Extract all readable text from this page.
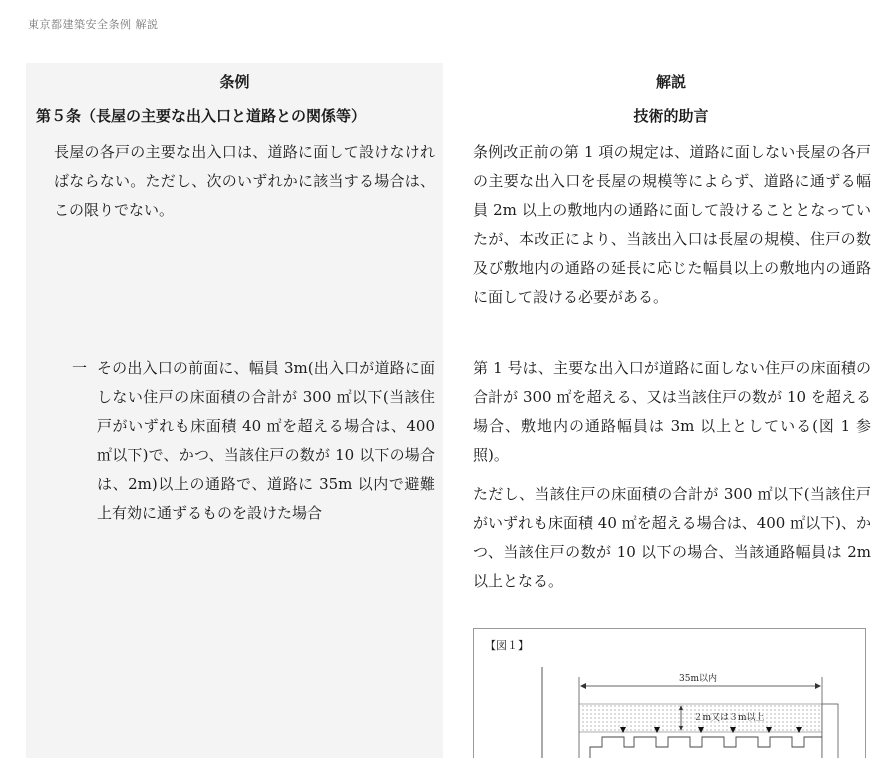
東京都建築安全条例 解説
条例	解説
第５条（長屋の主要な出入口と道路との関係等）	技術的助言

長屋の各戸の主要な出入口は、道路に面して設けなければならない。ただし、次のいずれかに該当する場合は、この限りでない。

一 その出入口の前面に、幅員 3m(出入口が道路に面しない住戸の床面積の合計が 300 ㎡以下(当該住戸がいずれも床面積 40 ㎡を超える場合は、400 ㎡以下)で、かつ、当該住戸の数が 10 以下の場合は、2m)以上の通路で、道路に 35m 以内で避難上有効に通ずるものを設けた場合

条例改正前の第 1 項の規定は、道路に面しない長屋の各戸の主要な出入口を長屋の規模等によらず、道路に通ずる幅員 2m 以上の敷地内の通路に面して設けることとなっていたが、本改正により、当該出入口は長屋の規模、住戸の数及び敷地内の通路の延長に応じた幅員以上の敷地内の通路に面して設ける必要がある。

第 1 号は、主要な出入口が道路に面しない住戸の床面積の合計が 300 ㎡を超える、又は当該住戸の数が 10 を超える場合、敷地内の通路幅員は 3m 以上としている(図 1 参照)。

ただし、当該住戸の床面積の合計が 300 ㎡以下(当該住戸がいずれも床面積 40 ㎡を超える場合は、400 ㎡以下)、かつ、当該住戸の数が 10 以下の場合、当該通路幅員は 2m 以上となる。

【図１】
35m以内
２m又は３m以上
